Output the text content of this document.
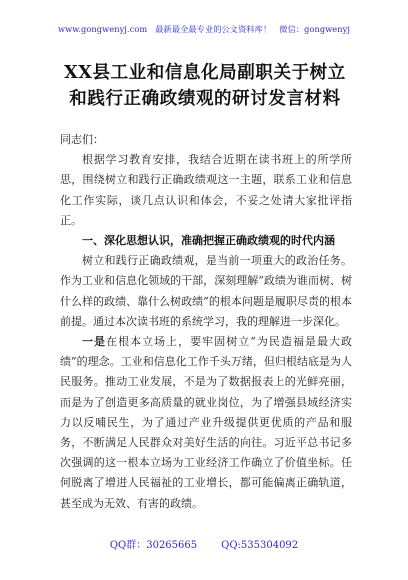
www.gongwenyj.com 最新最全最专业的公文资料库！ 微信：gongwenyj
XX县工业和信息化局副职关于树立和践行正确政绩观的研讨发言材料

同志们：

根据学习教育安排，我结合近期在读书班上的所学所思，围绕树立和践行正确政绩观这一主题，联系工业和信息化工作实际，谈几点认识和体会，不妥之处请大家批评指正。

一、深化思想认识，准确把握正确政绩观的时代内涵

树立和践行正确政绩观，是当前一项重大的政治任务。作为工业和信息化领域的干部，深刻理解“政绩为谁而树、树什么样的政绩、靠什么树政绩”的根本问题是履职尽责的根本前提。通过本次读书班的系统学习，我的理解进一步深化。

一是在根本立场上，要牢固树立“为民造福是最大政绩”的理念。工业和信息化工作千头万绪，但归根结底是为人民服务。推动工业发展，不是为了数据报表上的光鲜亮丽，而是为了创造更多高质量的就业岗位，为了增强县域经济实力以反哺民生，为了通过产业升级提供更优质的产品和服务，不断满足人民群众对美好生活的向往。习近平总书记多次强调的这一根本立场为工业经济工作确立了价值坐标。任何脱离了增进人民福祉的工业增长，都可能偏离正确轨道，甚至成为无效、有害的政绩。

QQ群：30265665 QQ:535304092
